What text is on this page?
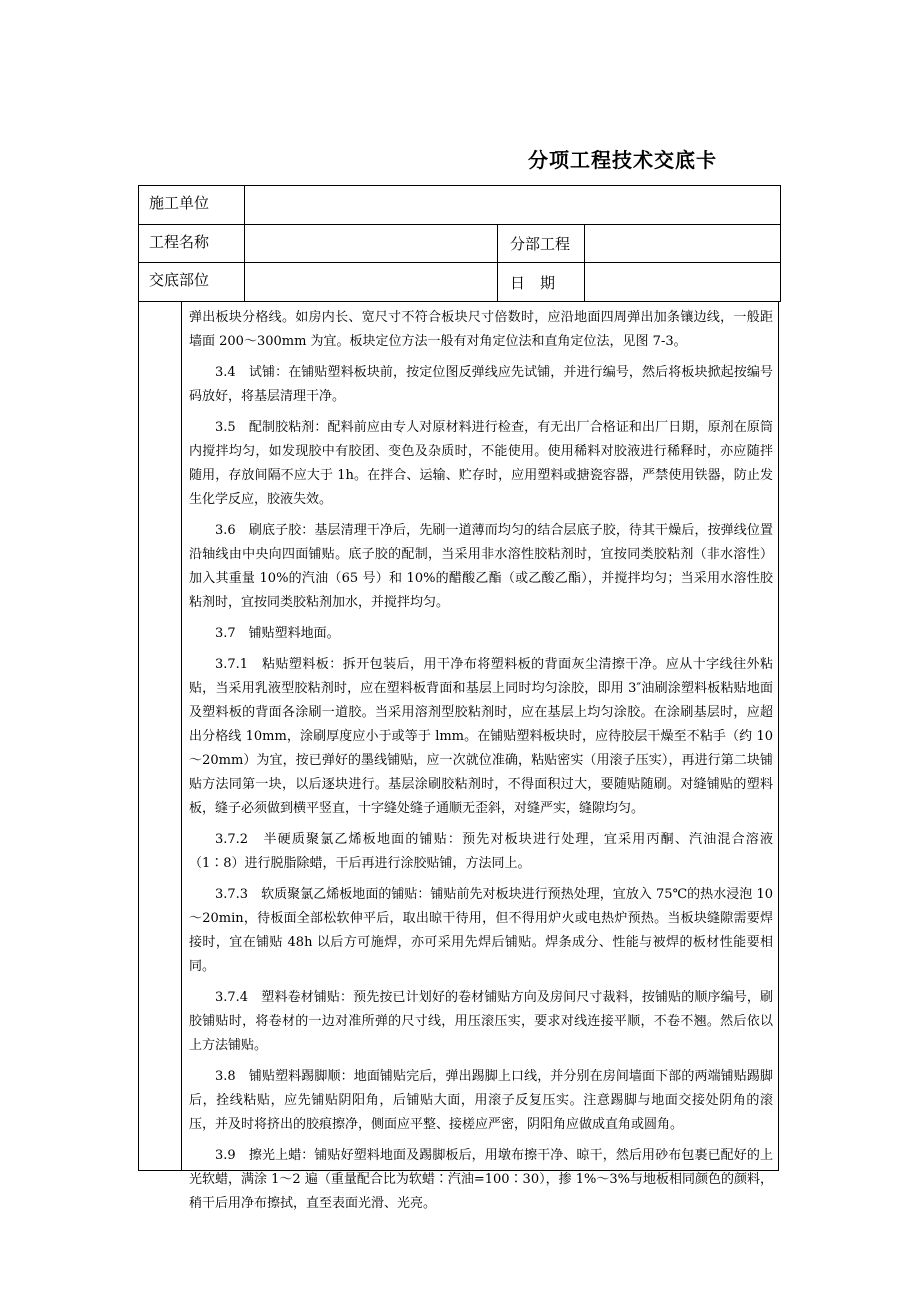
分项工程技术交底卡
施工单位			
工程名称		分部工程	
交底部位		日　期	

弹出板块分格线。如房内长、宽尺寸不符合板块尺寸倍数时，应沿地面四周弹出加条镶边线，一般距墙面 200～300mm 为宜。板块定位方法一般有对角定位法和直角定位法，见图 7-3。

3.4　试铺：在铺贴塑料板块前，按定位图反弹线应先试铺，并进行编号，然后将板块掀起按编号码放好，将基层清理干净。

3.5　配制胶粘剂：配料前应由专人对原材料进行检查，有无出厂合格证和出厂日期，原剂在原筒内搅拌均匀，如发现胶中有胶团、变色及杂质时，不能使用。使用稀料对胶液进行稀释时，亦应随拌随用，存放间隔不应大于 1h。在拌合、运输、贮存时，应用塑料或搪瓷容器，严禁使用铁器，防止发生化学反应，胶液失效。

3.6　刷底子胶：基层清理干净后，先刷一道薄而均匀的结合层底子胶，待其干燥后，按弹线位置沿轴线由中央向四面铺贴。底子胶的配制，当采用非水溶性胶粘剂时，宜按同类胶粘剂（非水溶性）加入其重量 10%的汽油（65 号）和 10%的醋酸乙酯（或乙酸乙酯），并搅拌均匀；当采用水溶性胶粘剂时，宜按同类胶粘剂加水，并搅拌均匀。

3.7　铺贴塑料地面。

3.7.1　粘贴塑料板：拆开包装后，用干净布将塑料板的背面灰尘清擦干净。应从十字线往外粘贴，当采用乳液型胶粘剂时，应在塑料板背面和基层上同时均匀涂胶，即用 3″油刷涂塑料板粘贴地面及塑料板的背面各涂刷一道胶。当采用溶剂型胶粘剂时，应在基层上均匀涂胶。在涂刷基层时，应超出分格线 10mm，涂刷厚度应小于或等于 lmm。在铺贴塑料板块时，应待胶层干燥至不粘手（约 10～20mm）为宜，按已弹好的墨线铺贴，应一次就位准确，粘贴密实（用滚子压实），再进行第二块铺贴方法同第一块，以后逐块进行。基层涂刷胶粘剂时，不得面积过大，要随贴随刷。对缝铺贴的塑料板，缝子必须做到横平竖直，十字缝处缝子通顺无歪斜，对缝严实，缝隙均匀。

3.7.2　半硬质聚氯乙烯板地面的铺贴：预先对板块进行处理，宜采用丙酮、汽油混合溶液（1∶8）进行脱脂除蜡，干后再进行涂胶贴铺，方法同上。

3.7.3　软质聚氯乙烯板地面的铺贴：铺贴前先对板块进行预热处理，宜放入 75℃的热水浸泡 10～20min，待板面全部松软伸平后，取出晾干待用，但不得用炉火或电热炉预热。当板块缝隙需要焊接时，宜在铺贴 48h 以后方可施焊，亦可采用先焊后铺贴。焊条成分、性能与被焊的板材性能要相同。

3.7.4　塑料卷材铺贴：预先按已计划好的卷材铺贴方向及房间尺寸裁料，按铺贴的顺序编号，刷胶铺贴时，将卷材的一边对准所弹的尺寸线，用压滚压实，要求对线连接平顺，不卷不翘。然后依以上方法铺贴。

3.8　铺贴塑料踢脚顺：地面铺贴完后，弹出踢脚上口线，并分别在房间墙面下部的两端铺贴踢脚后，拴线粘贴，应先铺贴阴阳角，后铺贴大面，用滚子反复压实。注意踢脚与地面交接处阴角的滚压，并及时将挤出的胶痕擦净，侧面应平整、接槎应严密，阴阳角应做成直角或圆角。

3.9　擦光上蜡：铺贴好塑料地面及踢脚板后，用墩布擦干净、晾干，然后用砂布包裹已配好的上光软蜡，满涂 1～2 遍（重量配合比为软蜡∶汽油=100∶30），掺 1%～3%与地板相同颜色的颜料，稍干后用净布擦拭，直至表面光滑、光亮。
